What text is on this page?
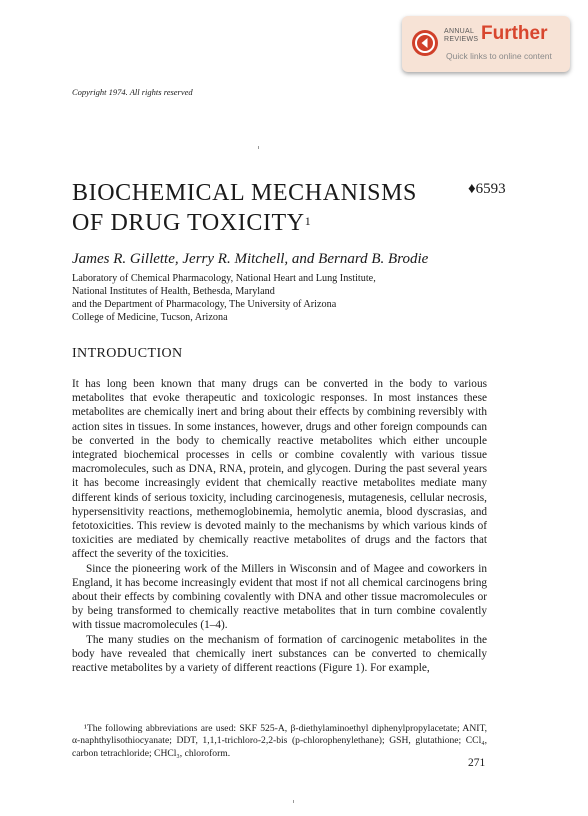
ANNUAL
REVIEWS Further
Quick links to online content
Copyright 1974. All rights reserved
BIOCHEMICAL MECHANISMS
OF DRUG TOXICITY$^1$
♦6593
James R. Gillette, Jerry R. Mitchell, and Bernard B. Brodie
Laboratory of Chemical Pharmacology, National Heart and Lung Institute,
National Institutes of Health, Bethesda, Maryland
and the Department of Pharmacology, The University of Arizona
College of Medicine, Tucson, Arizona
INTRODUCTION

It has long been known that many drugs can be converted in the body to various metabolites that evoke therapeutic and toxicologic responses. In most instances these metabolites are chemically inert and bring about their effects by combining reversibly with action sites in tissues. In some instances, however, drugs and other foreign compounds can be converted in the body to chemically reactive metabolites which either uncouple integrated biochemical processes in cells or combine covalently with various tissue macromolecules, such as DNA, RNA, protein, and glycogen. During the past several years it has become increasingly evident that chemically reactive metabolites mediate many different kinds of serious toxicity, including carcinogenesis, mutagenesis, cellular necrosis, hypersensitivity reactions, methemoglobinemia, hemolytic anemia, blood dyscrasias, and fetotoxicities. This review is devoted mainly to the mechanisms by which various kinds of toxicities are mediated by chemically reactive metabolites of drugs and the factors that affect the severity of the toxicities.

Since the pioneering work of the Millers in Wisconsin and of Magee and coworkers in England, it has become increasingly evident that most if not all chemical carcinogens bring about their effects by combining covalently with DNA and other tissue macromolecules or by being transformed to chemically reactive metabolites that in turn combine covalently with tissue macromolecules (1–4).

The many studies on the mechanism of formation of carcinogenic metabolites in the body have revealed that chemically inert substances can be converted to chemically reactive metabolites by a variety of different reactions (Figure 1). For example,

¹The following abbreviations are used: SKF 525-A, β-diethylaminoethyl diphenylpropylacetate; ANIT, α-naphthylisothiocyanate; DDT, 1,1,1-trichloro-2,2-bis (p-chlorophenylethane); GSH, glutathione; CCl₄, carbon tetrachloride; CHCl₃, chloroform.

271
